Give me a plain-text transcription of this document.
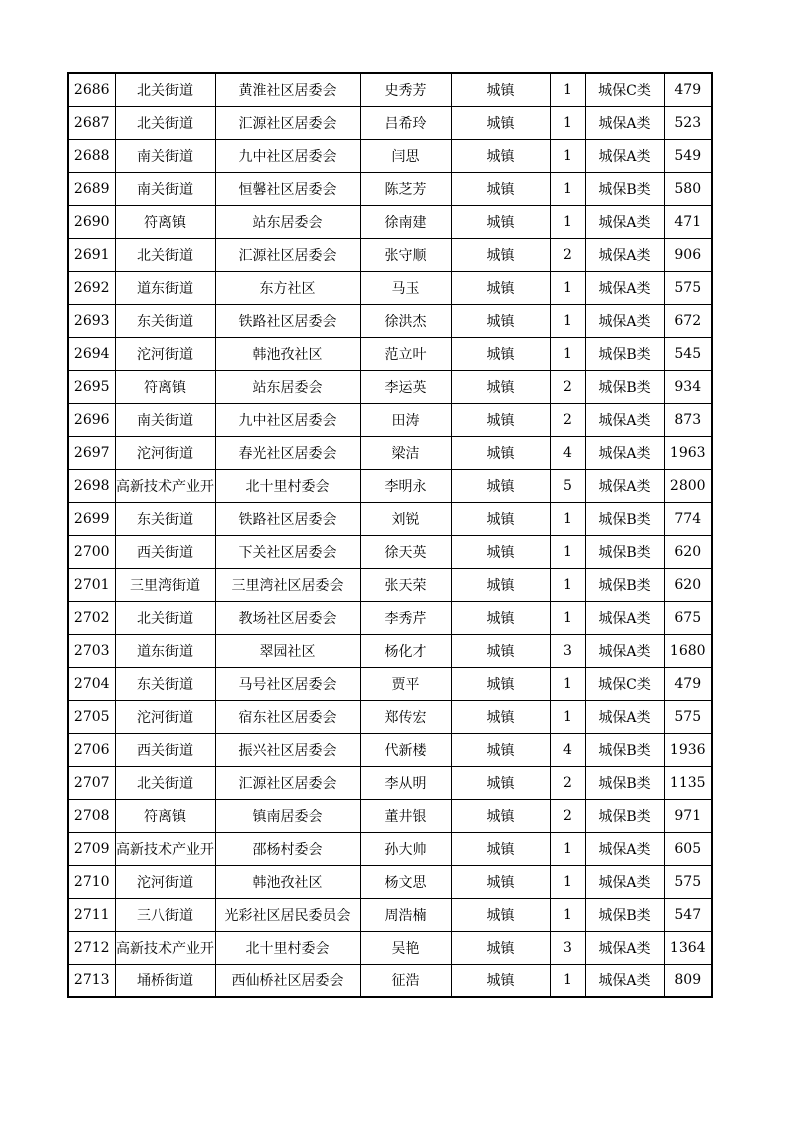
2686	北关街道	黄淮社区居委会	史秀芳	城镇	1	城保C类	479
2687	北关街道	汇源社区居委会	吕希玲	城镇	1	城保A类	523
2688	南关街道	九中社区居委会	闫思	城镇	1	城保A类	549
2689	南关街道	恒馨社区居委会	陈芝芳	城镇	1	城保B类	580
2690	符离镇	站东居委会	徐南建	城镇	1	城保A类	471
2691	北关街道	汇源社区居委会	张守顺	城镇	2	城保A类	906
2692	道东街道	东方社区	马玉	城镇	1	城保A类	575
2693	东关街道	铁路社区居委会	徐洪杰	城镇	1	城保A类	672
2694	沱河街道	韩池孜社区	范立叶	城镇	1	城保B类	545
2695	符离镇	站东居委会	李运英	城镇	2	城保B类	934
2696	南关街道	九中社区居委会	田涛	城镇	2	城保A类	873
2697	沱河街道	春光社区居委会	梁洁	城镇	4	城保A类	1963
2698	高新技术产业开	北十里村委会	李明永	城镇	5	城保A类	2800
2699	东关街道	铁路社区居委会	刘锐	城镇	1	城保B类	774
2700	西关街道	下关社区居委会	徐天英	城镇	1	城保B类	620
2701	三里湾街道	三里湾社区居委会	张天荣	城镇	1	城保B类	620
2702	北关街道	教场社区居委会	李秀芹	城镇	1	城保A类	675
2703	道东街道	翠园社区	杨化才	城镇	3	城保A类	1680
2704	东关街道	马号社区居委会	贾平	城镇	1	城保C类	479
2705	沱河街道	宿东社区居委会	郑传宏	城镇	1	城保A类	575
2706	西关街道	振兴社区居委会	代新楼	城镇	4	城保B类	1936
2707	北关街道	汇源社区居委会	李从明	城镇	2	城保B类	1135
2708	符离镇	镇南居委会	董井银	城镇	2	城保B类	971
2709	高新技术产业开	邵杨村委会	孙大帅	城镇	1	城保A类	605
2710	沱河街道	韩池孜社区	杨文思	城镇	1	城保A类	575
2711	三八街道	光彩社区居民委员会	周浩楠	城镇	1	城保B类	547
2712	高新技术产业开	北十里村委会	吴艳	城镇	3	城保A类	1364
2713	埇桥街道	西仙桥社区居委会	征浩	城镇	1	城保A类	809
